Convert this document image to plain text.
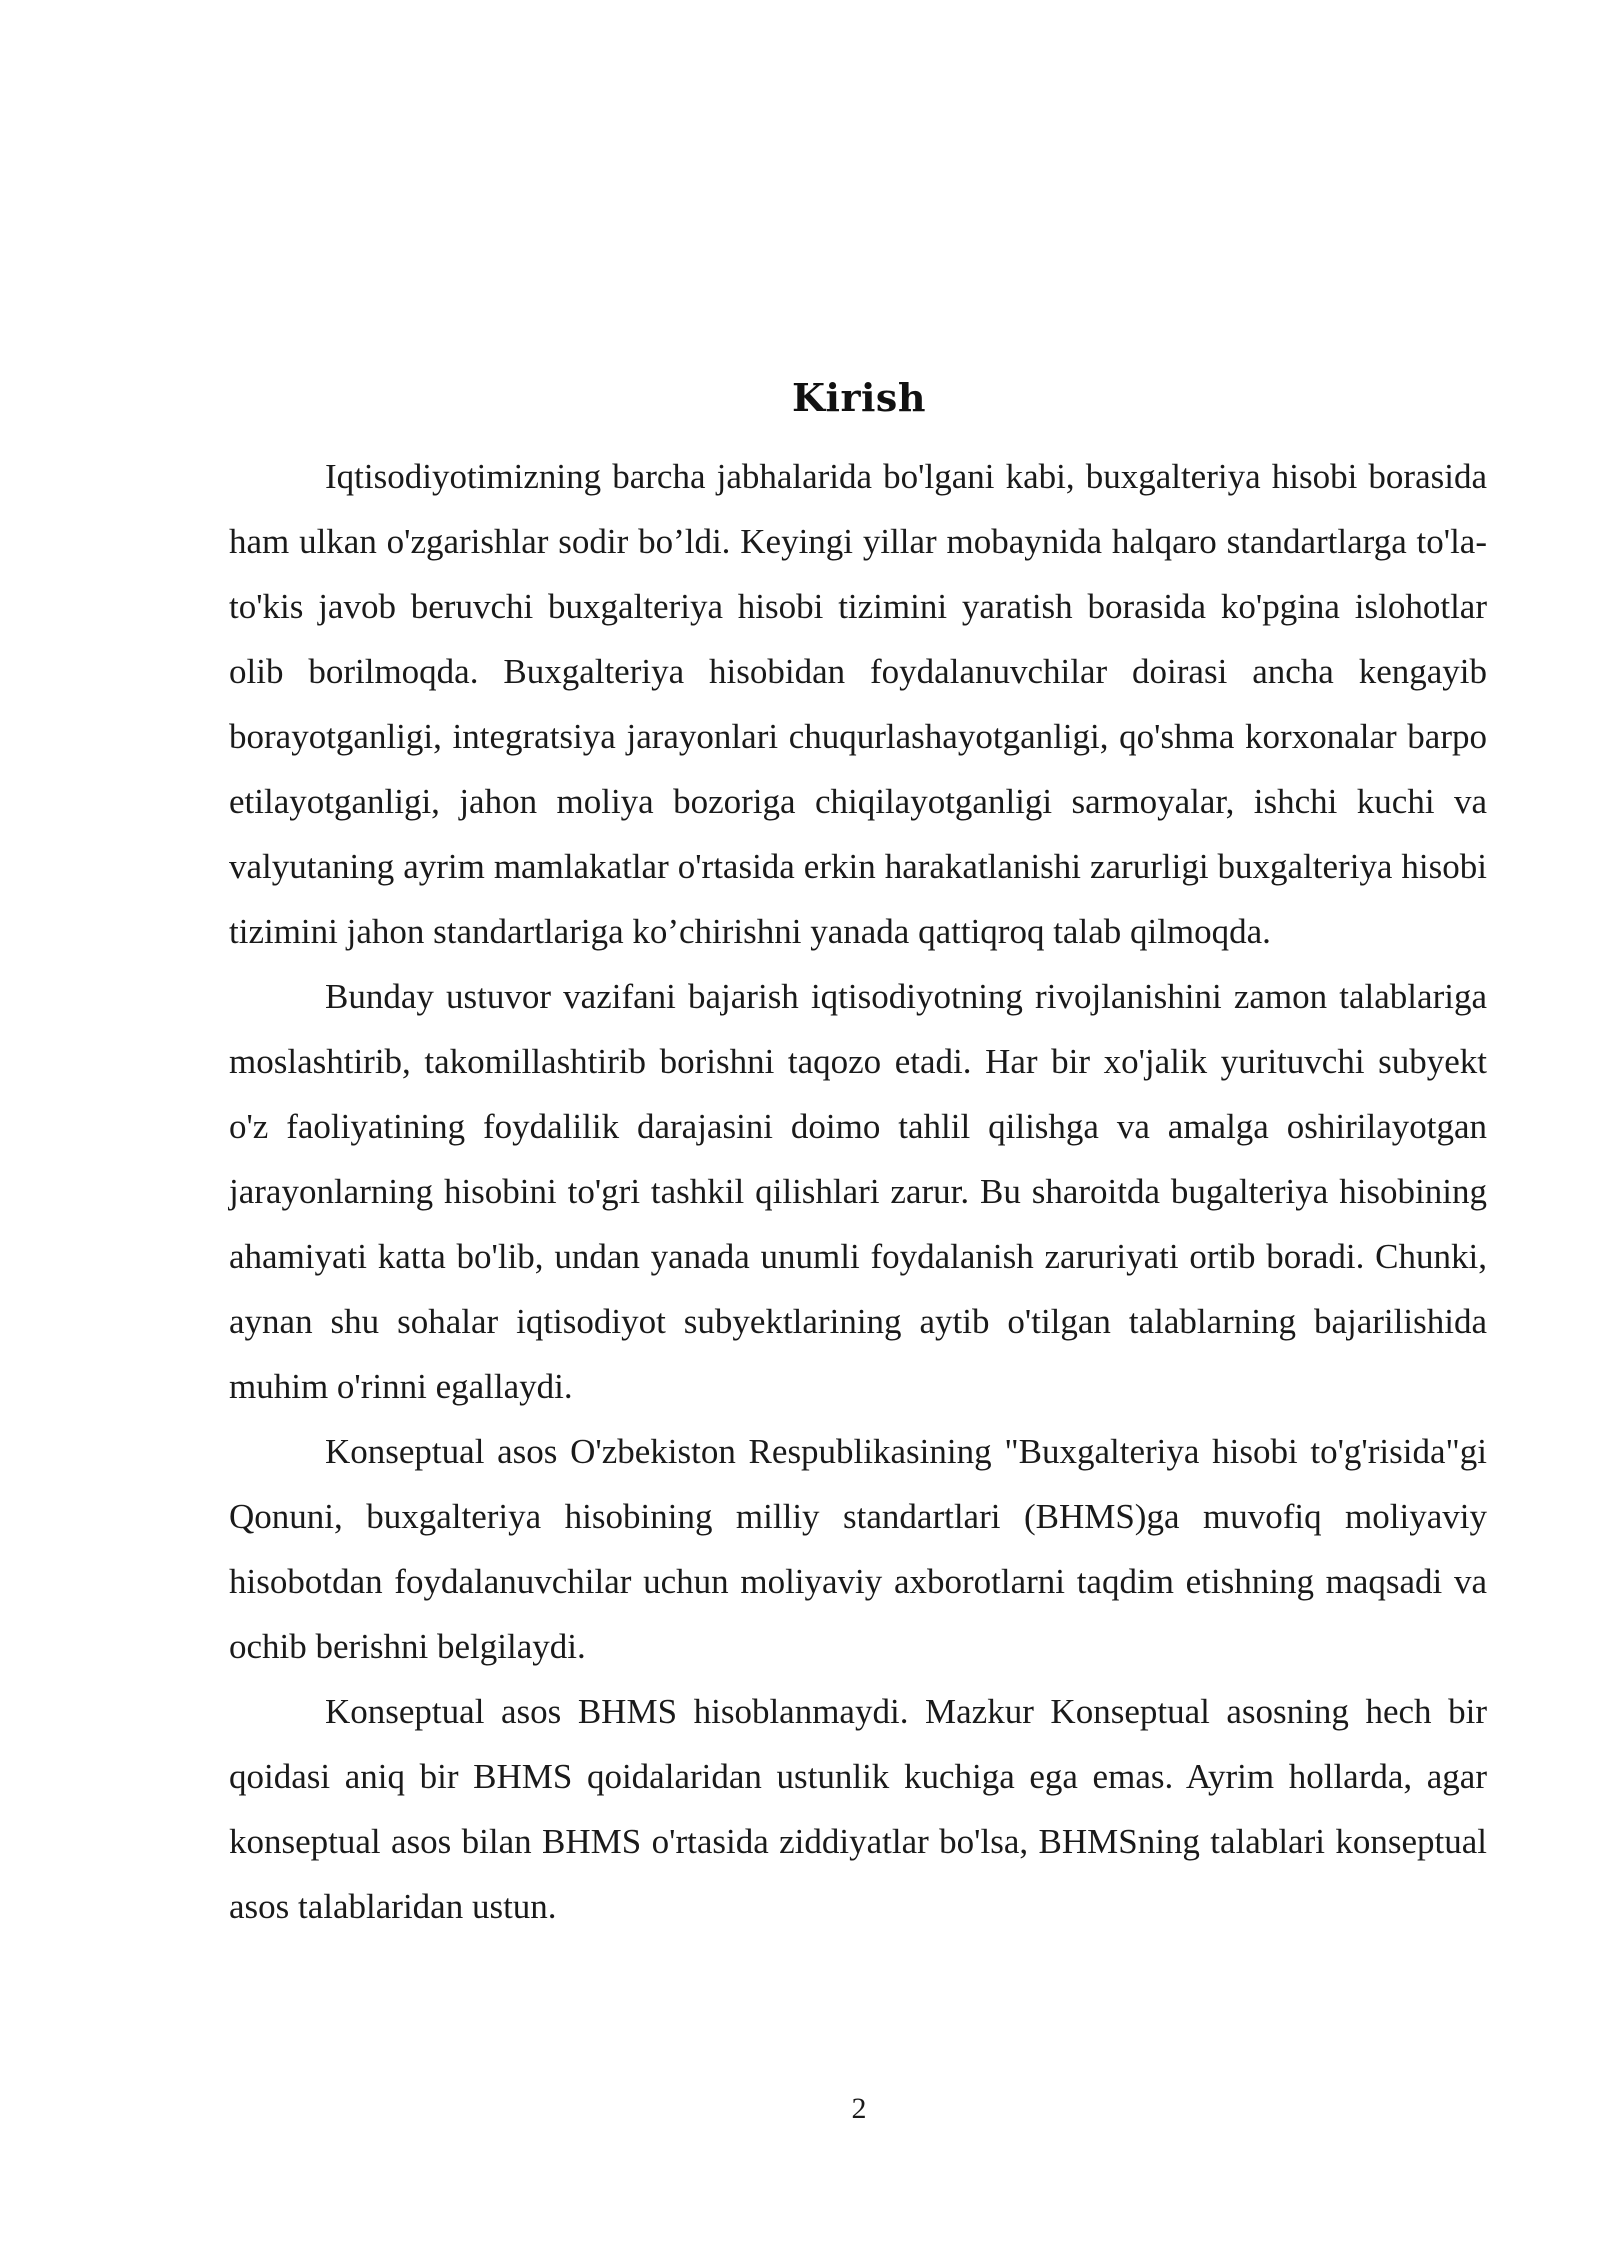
Kirish

Iqtisodiyotimizning barcha jabhalarida bo'lgani kabi, buxgalteriya hisobi borasida ham ulkan o'zgarishlar sodir bo’ldi. Keyingi yillar mobaynida halqaro standartlarga to'la-to'kis javob beruvchi buxgalteriya hisobi tizimini yaratish borasida ko'pgina islohotlar olib borilmoqda. Buxgalteriya hisobidan foydalanuvchilar doirasi ancha kengayib borayotganligi, integratsiya jarayonlari chuqurlashayotganligi, qo'shma korxonalar barpo etilayotganligi, jahon moliya bozoriga chiqilayotganligi sarmoyalar, ishchi kuchi va valyutaning ayrim mamlakatlar o'rtasida erkin harakatlanishi zarurligi buxgalteriya hisobi tizimini jahon standartlariga ko’chirishni yanada qattiqroq talab qilmoqda.

Bunday ustuvor vazifani bajarish iqtisodiyotning rivojlanishini zamon talablariga moslashtirib, takomillashtirib borishni taqozo etadi. Har bir xo'jalik yurituvchi subyekt o'z faoliyatining foydalilik darajasini doimo tahlil qilishga va amalga oshirilayotgan jarayonlarning hisobini to'gri tashkil qilishlari zarur. Bu sharoitda bugalteriya hisobining ahamiyati katta bo'lib, undan yanada unumli foydalanish zaruriyati ortib boradi. Chunki, aynan shu sohalar iqtisodiyot subyektlarining aytib o'tilgan talablarning bajarilishida muhim o'rinni egallaydi.

Konseptual asos O'zbekiston Respublikasining "Buxgalteriya hisobi to'g'risida"gi Qonuni, buxgalteriya hisobining milliy standartlari (BHMS)ga muvofiq moliyaviy hisobotdan foydalanuvchilar uchun moliyaviy axborotlarni taqdim etishning maqsadi va ochib berishni belgilaydi.

Konseptual asos BHMS hisoblanmaydi. Mazkur Konseptual asosning hech bir qoidasi aniq bir BHMS qoidalaridan ustunlik kuchiga ega emas. Ayrim hollarda, agar konseptual asos bilan BHMS o'rtasida ziddiyatlar bo'lsa, BHMSning talablari konseptual asos talablaridan ustun.

2
